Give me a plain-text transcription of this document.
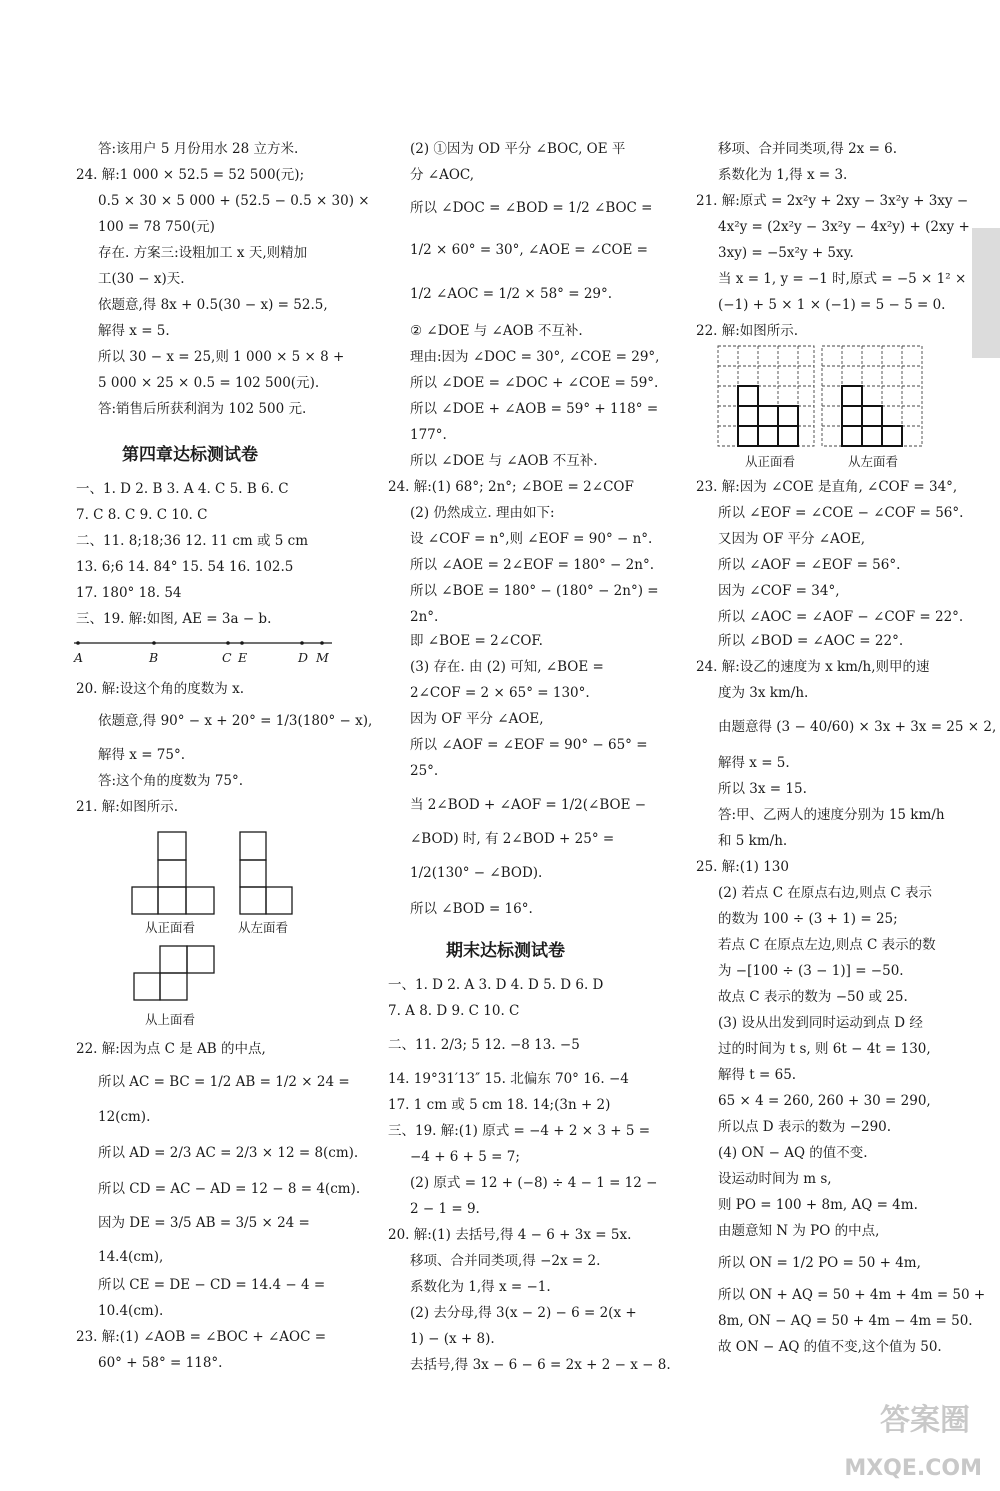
答:该用户 5 月份用水 28 立方米.
24. 解:1 000 × 52.5 = 52 500(元);
0.5 × 30 × 5 000 + (52.5 − 0.5 × 30) ×
100 = 78 750(元)
存在. 方案三:设粗加工 x 天,则精加
工(30 − x)天.
依题意,得 8x + 0.5(30 − x) = 52.5,
解得 x = 5.
所以 30 − x = 25,则 1 000 × 5 × 8 +
5 000 × 25 × 0.5 = 102 500(元).
答:销售后所获利润为 102 500 元.
第四章达标测试卷
一、1. D 2. B 3. A 4. C 5. B 6. C
7. C 8. C 9. C 10. C
二、11. 8;18;36 12. 11 cm 或 5 cm
13. 6;6 14. 84° 15. 54 16. 102.5
17. 180° 18. 54
三、19. 解:如图, AE = 3a − b.
A	B	C E	D M
20. 解:设这个角的度数为 x.
依题意,得 90° − x + 20° = 1/3(180° − x),
解得 x = 75°.
答:这个角的度数为 75°.
21. 解:如图所示.
从正面看	从左面看
从上面看
22. 解:因为点 C 是 AB 的中点,
所以 AC = BC = 1/2 AB = 1/2 × 24 =
12(cm).
所以 AD = 2/3 AC = 2/3 × 12 = 8(cm).
所以 CD = AC − AD = 12 − 8 = 4(cm).
因为 DE = 3/5 AB = 3/5 × 24 =
14.4(cm),
所以 CE = DE − CD = 14.4 − 4 =
10.4(cm).
23. 解:(1) ∠AOB = ∠BOC + ∠AOC =
60° + 58° = 118°.
(2) ①因为 OD 平分 ∠BOC, OE 平
分 ∠AOC,
所以 ∠DOC = ∠BOD = 1/2 ∠BOC =
1/2 × 60° = 30°, ∠AOE = ∠COE =
1/2 ∠AOC = 1/2 × 58° = 29°.
② ∠DOE 与 ∠AOB 不互补.
理由:因为 ∠DOC = 30°, ∠COE = 29°,
所以 ∠DOE = ∠DOC + ∠COE = 59°.
所以 ∠DOE + ∠AOB = 59° + 118° =
177°.
所以 ∠DOE 与 ∠AOB 不互补.
24. 解:(1) 68°; 2n°; ∠BOE = 2∠COF
(2) 仍然成立. 理由如下:
设 ∠COF = n°,则 ∠EOF = 90° − n°.
所以 ∠AOE = 2∠EOF = 180° − 2n°.
所以 ∠BOE = 180° − (180° − 2n°) =
2n°.
即 ∠BOE = 2∠COF.
(3) 存在. 由 (2) 可知, ∠BOE =
2∠COF = 2 × 65° = 130°.
因为 OF 平分 ∠AOE,
所以 ∠AOF = ∠EOF = 90° − 65° =
25°.
当 2∠BOD + ∠AOF = 1/2(∠BOE −
∠BOD) 时, 有 2∠BOD + 25° =
1/2(130° − ∠BOD).
所以 ∠BOD = 16°.
期末达标测试卷
一、1. D 2. A 3. D 4. D 5. D 6. D
7. A 8. D 9. C 10. C
二、11. 2/3; 5 12. −8 13. −5
14. 19°31′13″ 15. 北偏东 70° 16. −4
17. 1 cm 或 5 cm 18. 14;(3n + 2)
三、19. 解:(1) 原式 = −4 + 2 × 3 + 5 =
−4 + 6 + 5 = 7;
(2) 原式 = 12 + (−8) ÷ 4 − 1 = 12 −
2 − 1 = 9.
20. 解:(1) 去括号,得 4 − 6 + 3x = 5x.
移项、合并同类项,得 −2x = 2.
系数化为 1,得 x = −1.
(2) 去分母,得 3(x − 2) − 6 = 2(x +
1) − (x + 8).
去括号,得 3x − 6 − 6 = 2x + 2 − x − 8.
移项、合并同类项,得 2x = 6.
系数化为 1,得 x = 3.
21. 解:原式 = 2x²y + 2xy − 3x²y + 3xy −
4x²y = (2x²y − 3x²y − 4x²y) + (2xy +
3xy) = −5x²y + 5xy.
当 x = 1, y = −1 时,原式 = −5 × 1² ×
(−1) + 5 × 1 × (−1) = 5 − 5 = 0.
22. 解:如图所示.
从正面看	从左面看
23. 解:因为 ∠COE 是直角, ∠COF = 34°,
所以 ∠EOF = ∠COE − ∠COF = 56°.
又因为 OF 平分 ∠AOE,
所以 ∠AOF = ∠EOF = 56°.
因为 ∠COF = 34°,
所以 ∠AOC = ∠AOF − ∠COF = 22°.
所以 ∠BOD = ∠AOC = 22°.
24. 解:设乙的速度为 x km/h,则甲的速
度为 3x km/h.
由题意得 (3 − 40/60) × 3x + 3x = 25 × 2,
解得 x = 5.
所以 3x = 15.
答:甲、乙两人的速度分别为 15 km/h
和 5 km/h.
25. 解:(1) 130
(2) 若点 C 在原点右边,则点 C 表示
的数为 100 ÷ (3 + 1) = 25;
若点 C 在原点左边,则点 C 表示的数
为 −[100 ÷ (3 − 1)] = −50.
故点 C 表示的数为 −50 或 25.
(3) 设从出发到同时运动到点 D 经
过的时间为 t s, 则 6t − 4t = 130,
解得 t = 65.
65 × 4 = 260, 260 + 30 = 290,
所以点 D 表示的数为 −290.
(4) ON − AQ 的值不变.
设运动时间为 m s,
则 PO = 100 + 8m, AQ = 4m.
由题意知 N 为 PO 的中点,
所以 ON = 1/2 PO = 50 + 4m,
所以 ON + AQ = 50 + 4m + 4m = 50 +
8m, ON − AQ = 50 + 4m − 4m = 50.
故 ON − AQ 的值不变,这个值为 50.
答案圈
MXQE.COM
